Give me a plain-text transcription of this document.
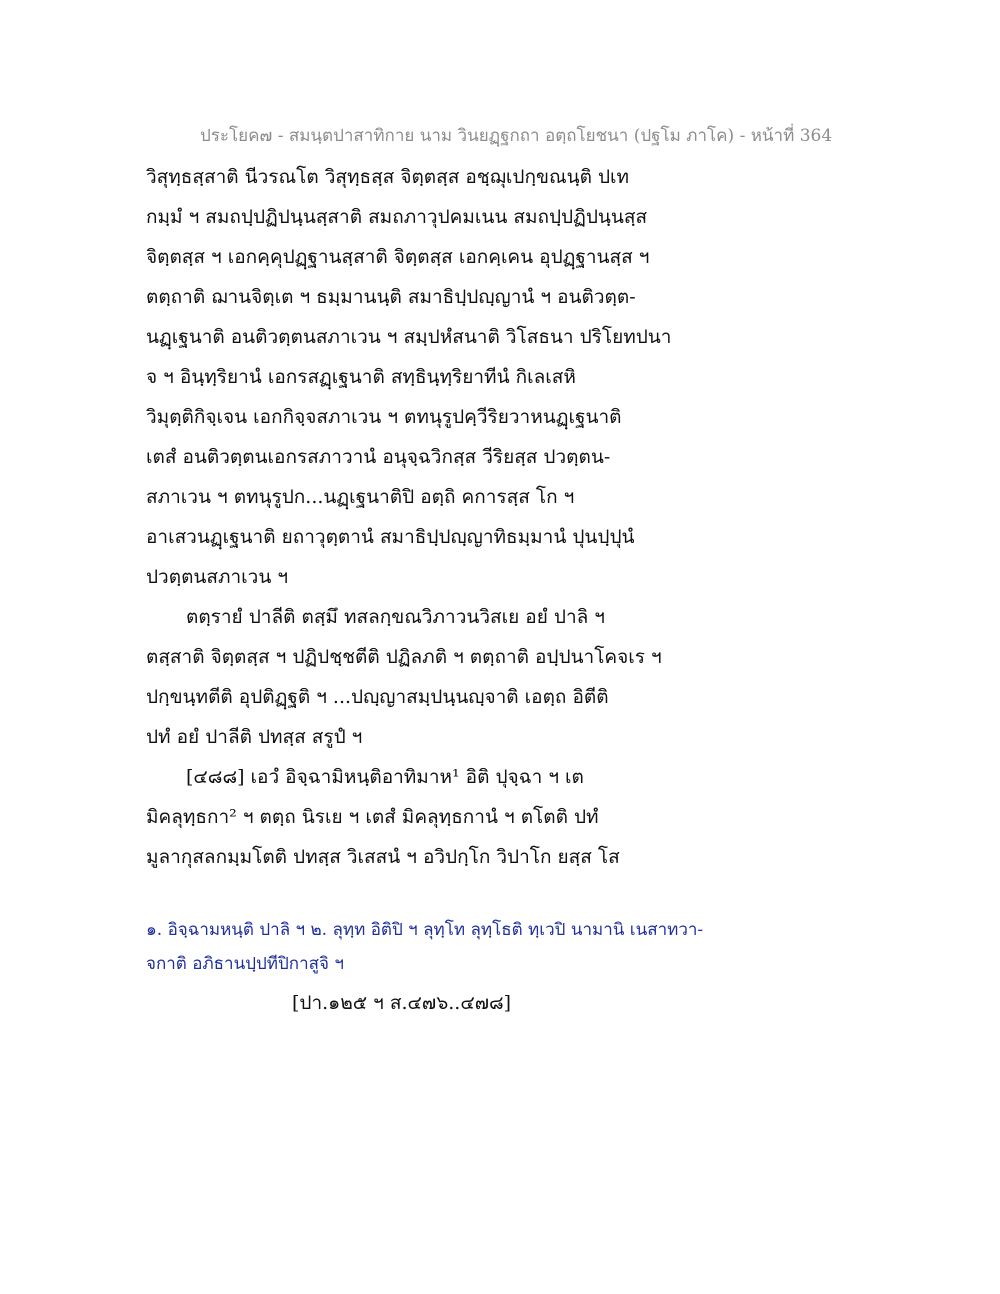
ประโยค๗ - สมนฺตปาสาทิกาย นาม วินยฏฺฐกถา อตฺถโยชนา (ปฐโม ภาโค) - หน้าที่ 364
วิสุทฺธสฺสาติ นีวรณโต วิสุทฺธสฺส จิตฺตสฺส อชฺฌุเปกฺขณนฺติ ปเท
กมฺมํ ฯ สมถปฺปฏิปนฺนสฺสาติ สมถภาวุปคมเนน สมถปฺปฏิปนฺนสฺส
จิตฺตสฺส ฯ เอกคฺคุปฏฺฐานสฺสาติ จิตฺตสฺส เอกคฺเคน อุปฏฺฐานสฺส ฯ
ตตฺถาติ ฌานจิตฺเต ฯ ธมฺมานนฺติ สมาธิปฺปญฺญานํ ฯ อนติวตฺต-
นฏฺเฐนาติ อนติวตฺตนสภาเวน ฯ สมฺปหํสนาติ วิโสธนา ปริโยทปนา
จ ฯ อินฺทฺริยานํ เอกรสฏฺเฐนาติ สทฺธินฺทฺริยาทีนํ กิเลเสหิ
วิมุตฺติกิจฺเจน เอกกิจฺจสภาเวน ฯ ตทนุรูปคฺวีริยวาหนฏฺเฐนาติ
เตสํ อนติวตฺตนเอกรสภาวานํ อนุจฺฉวิกสฺส วีริยสฺส ปวตฺตน-
สภาเวน ฯ ตทนุรูปก...นฏฺเฐนาติปิ อตฺถิ คการสฺส โก ฯ
อาเสวนฏฺเฐนาติ ยถาวุตฺตานํ สมาธิปฺปญฺญาทิธมฺมานํ ปุนปฺปุนํ
ปวตฺตนสภาเวน ฯ
ตตฺรายํ ปาลีติ ตสฺมึ ทสลกฺขณวิภาวนวิสเย อยํ ปาลิ ฯ
ตสฺสาติ จิตฺตสฺส ฯ ปฏิปชฺชตีติ ปฏิลภติ ฯ ตตฺถาติ อปฺปนาโคจเร ฯ
ปกฺขนฺทตีติ อุปติฏฺฐติ ฯ ...ปญฺญาสมฺปนฺนญฺจาติ เอตฺถ อิตีติ
ปทํ อยํ ปาลีติ ปทสฺส สรูปํ ฯ
[๔๘๘] เอวํ อิจฺฉามิหนฺติอาทิมาห¹ อิติ ปุจฺฉา ฯ เต
มิคลุทฺธกา² ฯ ตตฺถ นิรเย ฯ เตสํ มิคลุทฺธกานํ ฯ ตโตติ ปทํ
มูลากุสลกมฺมโตติ ปทสฺส วิเสสนํ ฯ อวิปกฺโก วิปาโก ยสฺส โส
๑. อิจฺฉามหนฺติ ปาลิ ฯ ๒. ลุทฺท อิติปิ ฯ ลุทฺโท ลุทฺโธติ ทฺเวปิ นามานิ เนสาทวา-
จกาติ อภิธานปฺปทีปิกาสูจิ ฯ
[ปา.๑๒๕ ฯ ส.๔๗๖..๔๗๘]
